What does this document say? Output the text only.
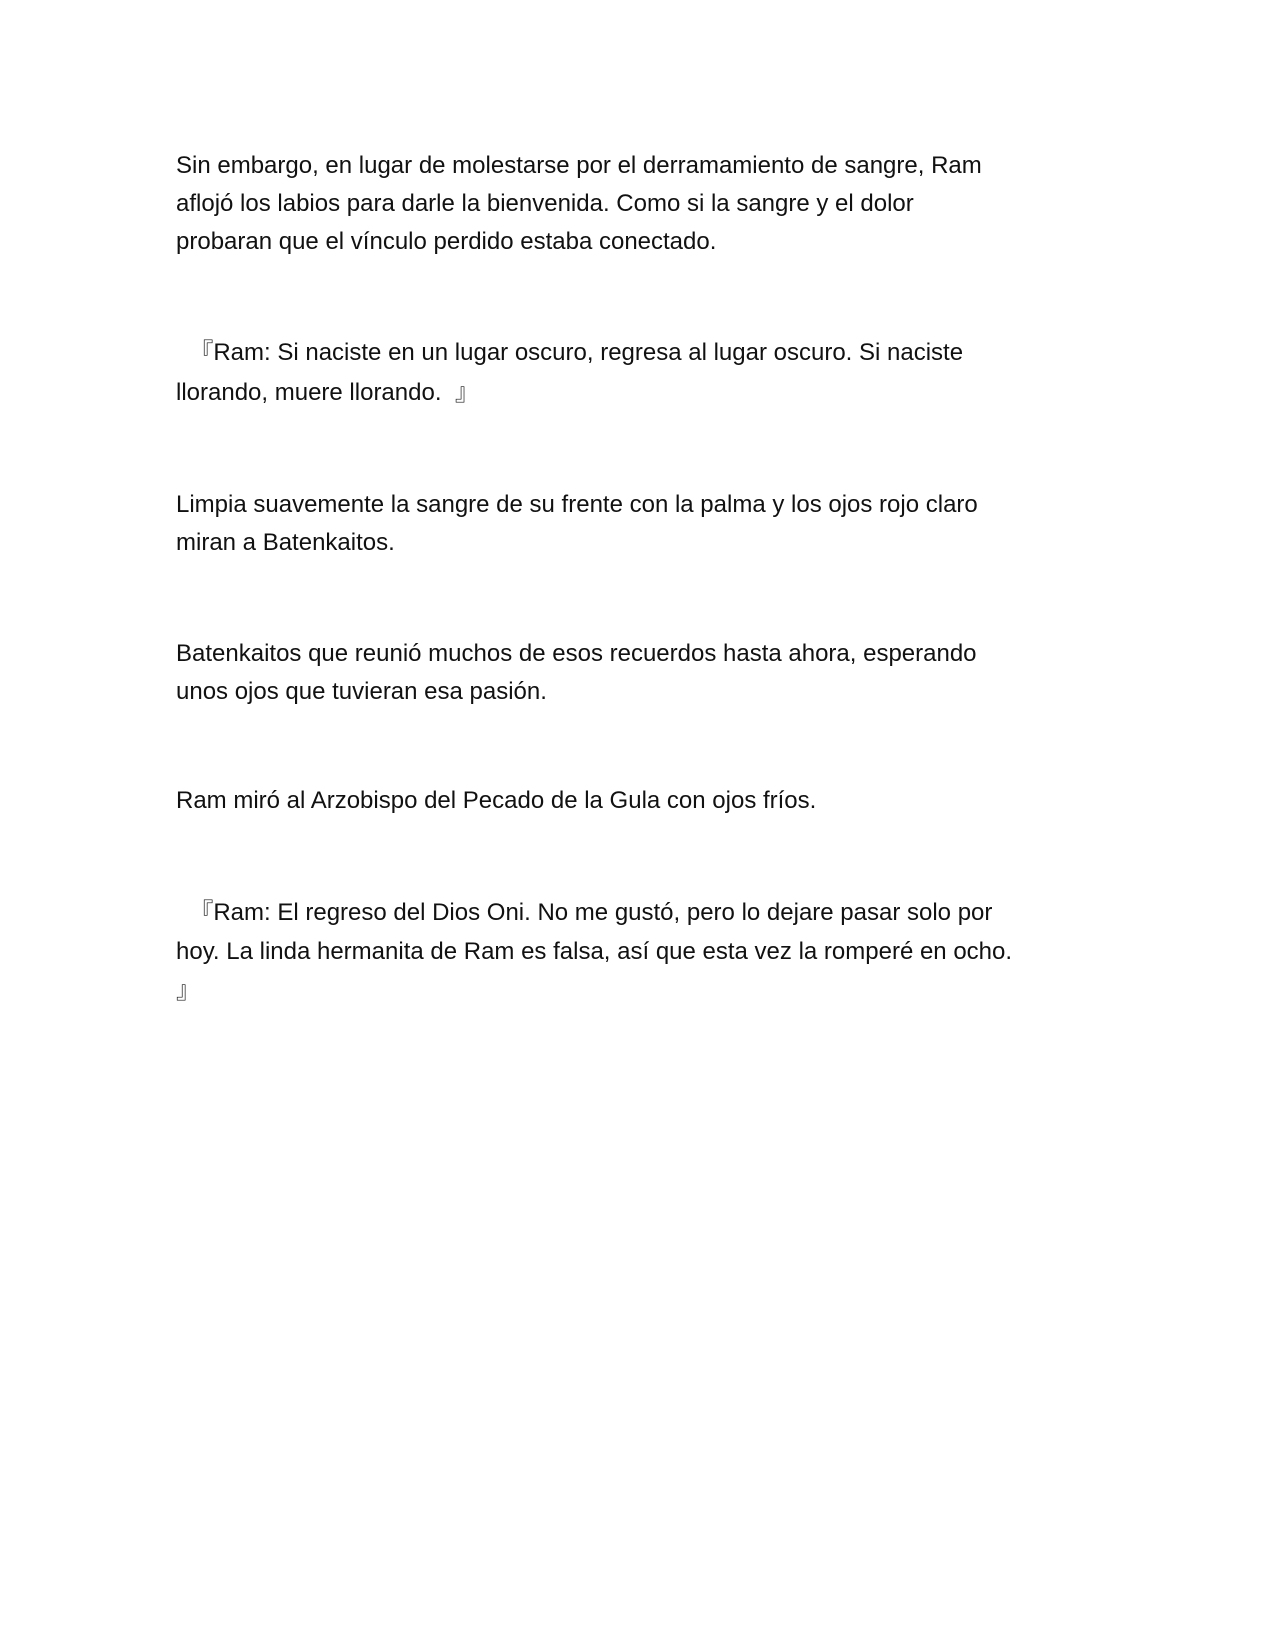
Sin embargo, en lugar de molestarse por el derramamiento de sangre, Ram
aflojó los labios para darle la bienvenida. Como si la sangre y el dolor
probaran que el vínculo perdido estaba conectado.

『Ram: Si naciste en un lugar oscuro, regresa al lugar oscuro. Si naciste
llorando, muere llorando.  』

Limpia suavemente la sangre de su frente con la palma y los ojos rojo claro
miran a Batenkaitos.

Batenkaitos que reunió muchos de esos recuerdos hasta ahora, esperando
unos ojos que tuvieran esa pasión.

Ram miró al Arzobispo del Pecado de la Gula con ojos fríos.

『Ram: El regreso del Dios Oni. No me gustó, pero lo dejare pasar solo por
hoy. La linda hermanita de Ram es falsa, así que esta vez la romperé en ocho.
』
